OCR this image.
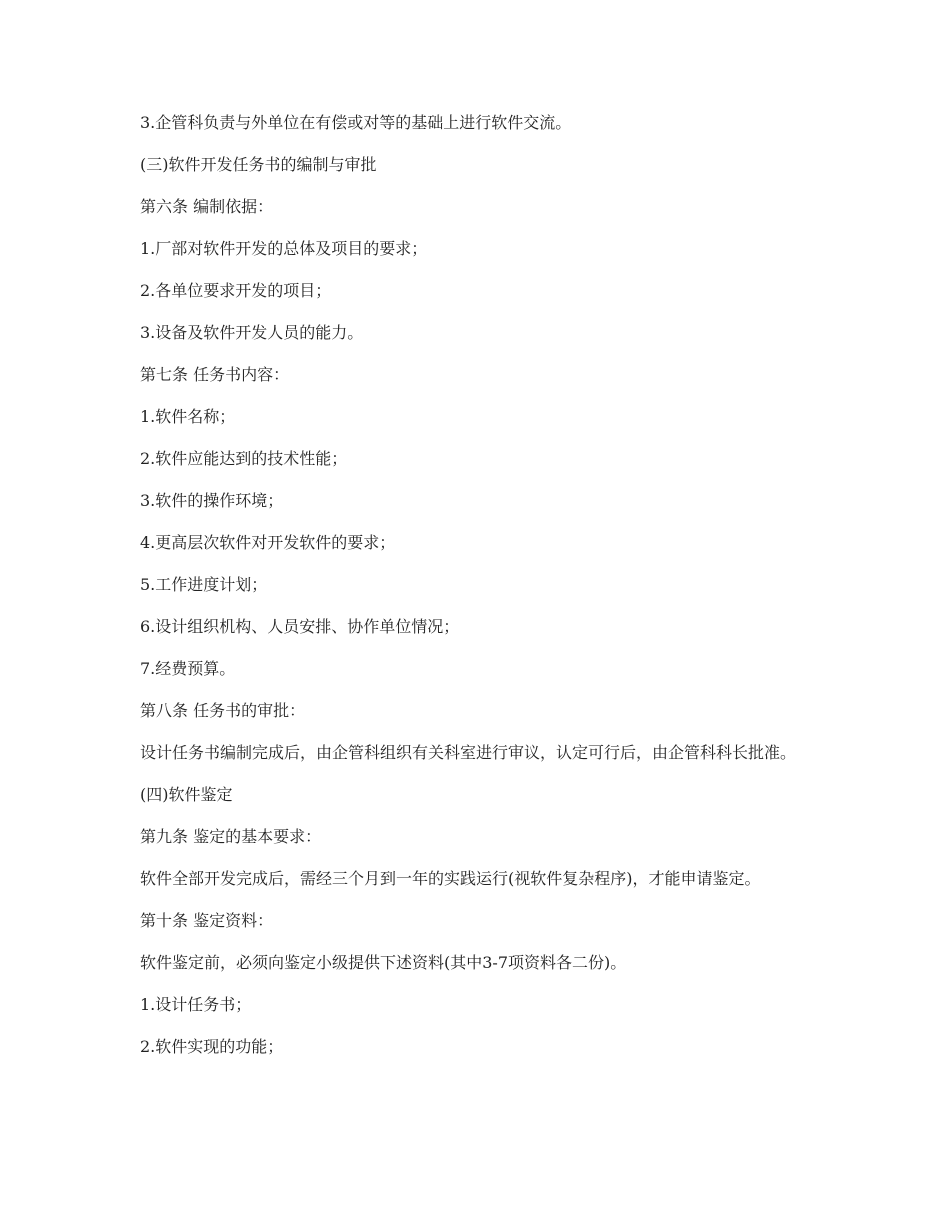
3.企管科负责与外单位在有偿或对等的基础上进行软件交流。

(三)软件开发任务书的编制与审批

第六条 编制依据：

1.厂部对软件开发的总体及项目的要求；

2.各单位要求开发的项目；

3.设备及软件开发人员的能力。

第七条 任务书内容：

1.软件名称；

2.软件应能达到的技术性能；

3.软件的操作环境；

4.更高层次软件对开发软件的要求；

5.工作进度计划；

6.设计组织机构、人员安排、协作单位情况；

7.经费预算。

第八条 任务书的审批：

设计任务书编制完成后，由企管科组织有关科室进行审议，认定可行后，由企管科科长批准。

(四)软件鉴定

第九条 鉴定的基本要求：

软件全部开发完成后，需经三个月到一年的实践运行(视软件复杂程序)，才能申请鉴定。

第十条 鉴定资料：

软件鉴定前，必须向鉴定小级提供下述资料(其中3-7项资料各二份)。

1.设计任务书；

2.软件实现的功能；
